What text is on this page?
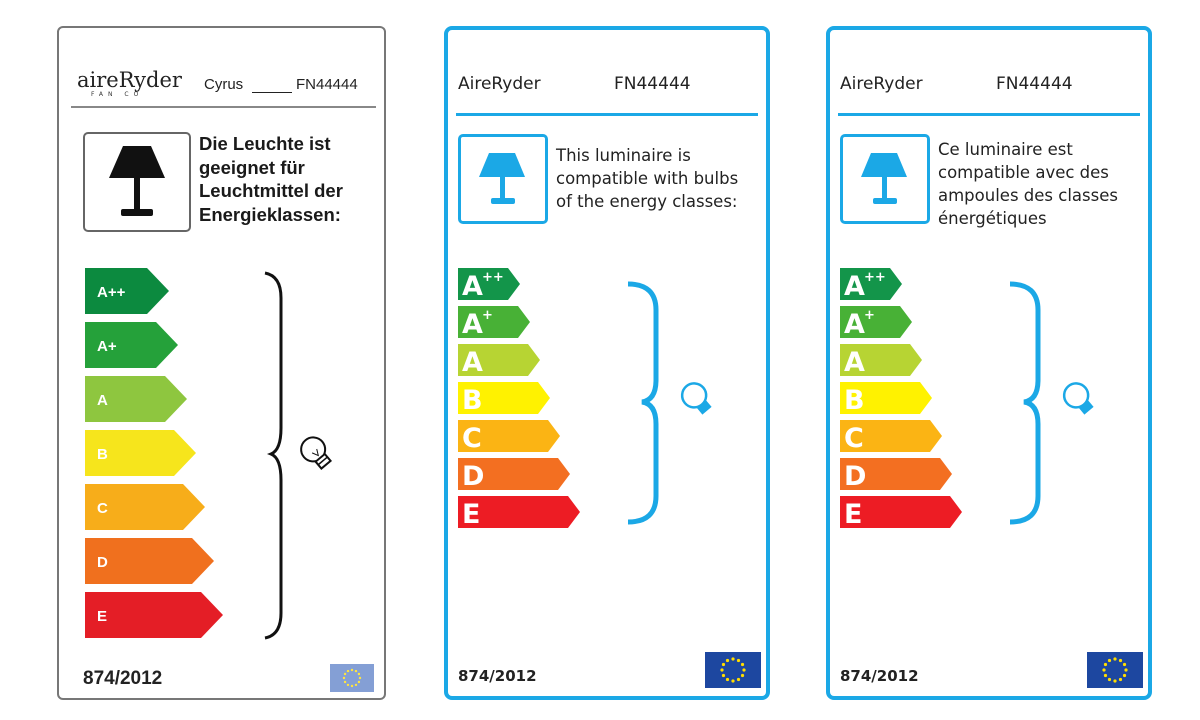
aireRyder
FAN CO
Cyrus	FN44444
Die Leuchte ist
geeignet für
Leuchtmittel der
Energieklassen:
A++
A+
A
B
C
D
E
874/2012
AireRyder	FN44444
This luminaire is
compatible with bulbs
of the energy classes:
A ++
A +
A
B
C
D
E
874/2012
AireRyder	FN44444
Ce luminaire est
compatible avec des
ampoules des classes
énergétiques
A ++
A +
A
B
C
D
E
874/2012
